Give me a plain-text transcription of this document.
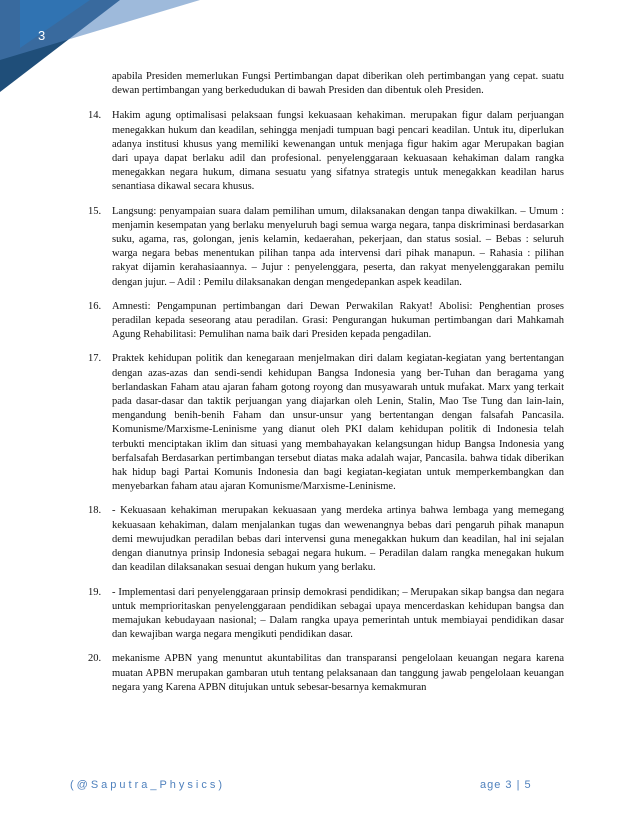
3
apabila Presiden memerlukan Fungsi Pertimbangan dapat diberikan oleh pertimbangan yang cepat. suatu dewan pertimbangan yang berkedudukan di bawah Presiden dan dibentuk oleh Presiden.
14.	Hakim agung optimalisasi pelaksaan fungsi kekuasaan kehakiman. merupakan figur dalam perjuangan menegakkan hukum dan keadilan, sehingga menjadi tumpuan bagi pencari keadilan. Untuk itu, diperlukan adanya institusi khusus yang memiliki kewenangan untuk menjaga figur hakim agar Merupakan bagian dari upaya dapat berlaku adil dan profesional. penyelenggaraan kekuasaan kehakiman dalam rangka menegakkan negara hukum, dimana sesuatu yang sifatnya strategis untuk menegakkan keadilan harus senantiasa dikawal secara khusus.
15.	Langsung: penyampaian suara dalam pemilihan umum, dilaksanakan dengan tanpa diwakilkan. – Umum : menjamin kesempatan yang berlaku menyeluruh bagi semua warga negara, tanpa diskriminasi berdasarkan suku, agama, ras, golongan, jenis kelamin, kedaerahan, pekerjaan, dan status sosial. – Bebas : seluruh warga negara bebas menentukan pilihan tanpa ada intervensi dari pihak manapun. – Rahasia : pilihan rakyat dijamin kerahasiaannya. – Jujur : penyelenggara, peserta, dan rakyat menyelenggarakan pemilu dengan jujur. – Adil : Pemilu dilaksanakan dengan mengedepankan aspek keadilan.
16.	Amnesti: Pengampunan pertimbangan dari Dewan Perwakilan Rakyat! Abolisi: Penghentian proses peradilan kepada seseorang atau peradilan. Grasi: Pengurangan hukuman pertimbangan dari Mahkamah Agung Rehabilitasi: Pemulihan nama baik dari Presiden kepada pengadilan.
17.	Praktek kehidupan politik dan kenegaraan menjelmakan diri dalam kegiatan-kegiatan yang bertentangan dengan azas-azas dan sendi-sendi kehidupan Bangsa Indonesia yang ber-Tuhan dan beragama yang berlandaskan Faham atau ajaran faham gotong royong dan musyawarah untuk mufakat. Marx yang terkait pada dasar-dasar dan taktik perjuangan yang diajarkan oleh Lenin, Stalin, Mao Tse Tung dan lain-lain, mengandung benih-benih Faham dan unsur-unsur yang bertentangan dengan falsafah Pancasila. Komunisme/Marxisme-Leninisme yang dianut oleh PKI dalam kehidupan politik di Indonesia telah terbukti menciptakan iklim dan situasi yang membahayakan kelangsungan hidup Bangsa Indonesia yang berfalsafah Berdasarkan pertimbangan tersebut diatas maka adalah wajar, Pancasila. bahwa tidak diberikan hak hidup bagi Partai Komunis Indonesia dan bagi kegiatan-kegiatan untuk memperkembangkan dan menyebarkan faham atau ajaran Komunisme/Marxisme-Leninisme.
18.	- Kekuasaan kehakiman merupakan kekuasaan yang merdeka artinya bahwa lembaga yang memegang kekuasaan kehakiman, dalam menjalankan tugas dan wewenangnya bebas dari pengaruh pihak manapun demi mewujudkan peradilan bebas dari intervensi guna menegakkan hukum dan keadilan, hal ini sejalan dengan dianutnya prinsip Indonesia sebagai negara hukum. – Peradilan dalam rangka menegakan hukum dan keadilan dilaksanakan sesuai dengan hukum yang berlaku.
19.	- Implementasi dari penyelenggaraan prinsip demokrasi pendidikan; – Merupakan sikap bangsa dan negara untuk memprioritaskan penyelenggaraan pendidikan sebagai upaya mencerdaskan kehidupan bangsa dan memajukan kebudayaan nasional; – Dalam rangka upaya pemerintah untuk membiayai pendidikan dasar dan kewajiban warga negara mengikuti pendidikan dasar.
20.	mekanisme APBN yang menuntut akuntabilitas dan transparansi pengelolaan keuangan negara karena muatan APBN merupakan gambaran utuh tentang pelaksanaan dan tanggung jawab pengelolaan keuangan negara yang Karena APBN ditujukan untuk sebesar-besarnya kemakmuran
(@Saputra_Physics)	age 3 | 5
